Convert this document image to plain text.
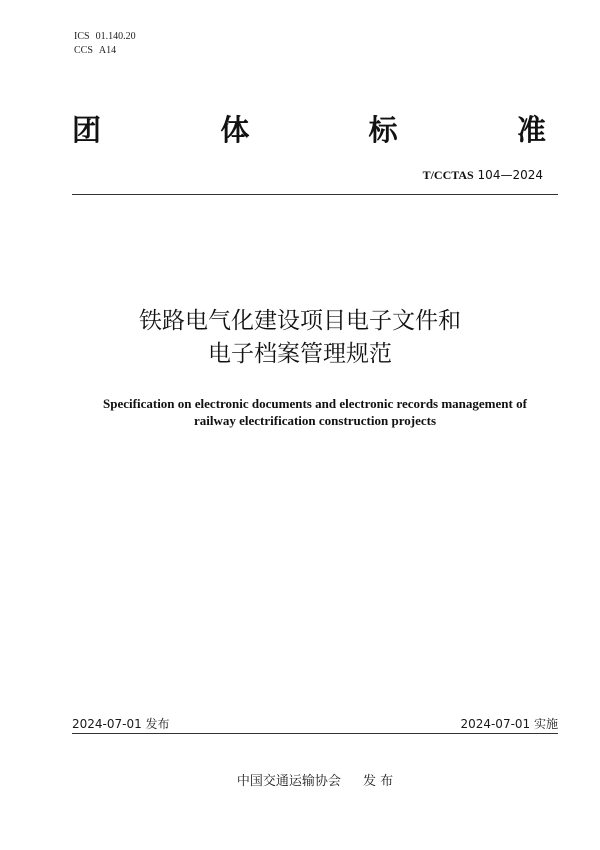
ICS 01.140.20
CCS A14
团	体	标	准
T/CCTAS 104—2024
铁路电气化建设项目电子文件和
电子档案管理规范
Specification on electronic documents and electronic records management of
railway electrification construction projects
2024-07-01 发布	2024-07-01 实施
中国交通运输协会 发 布
